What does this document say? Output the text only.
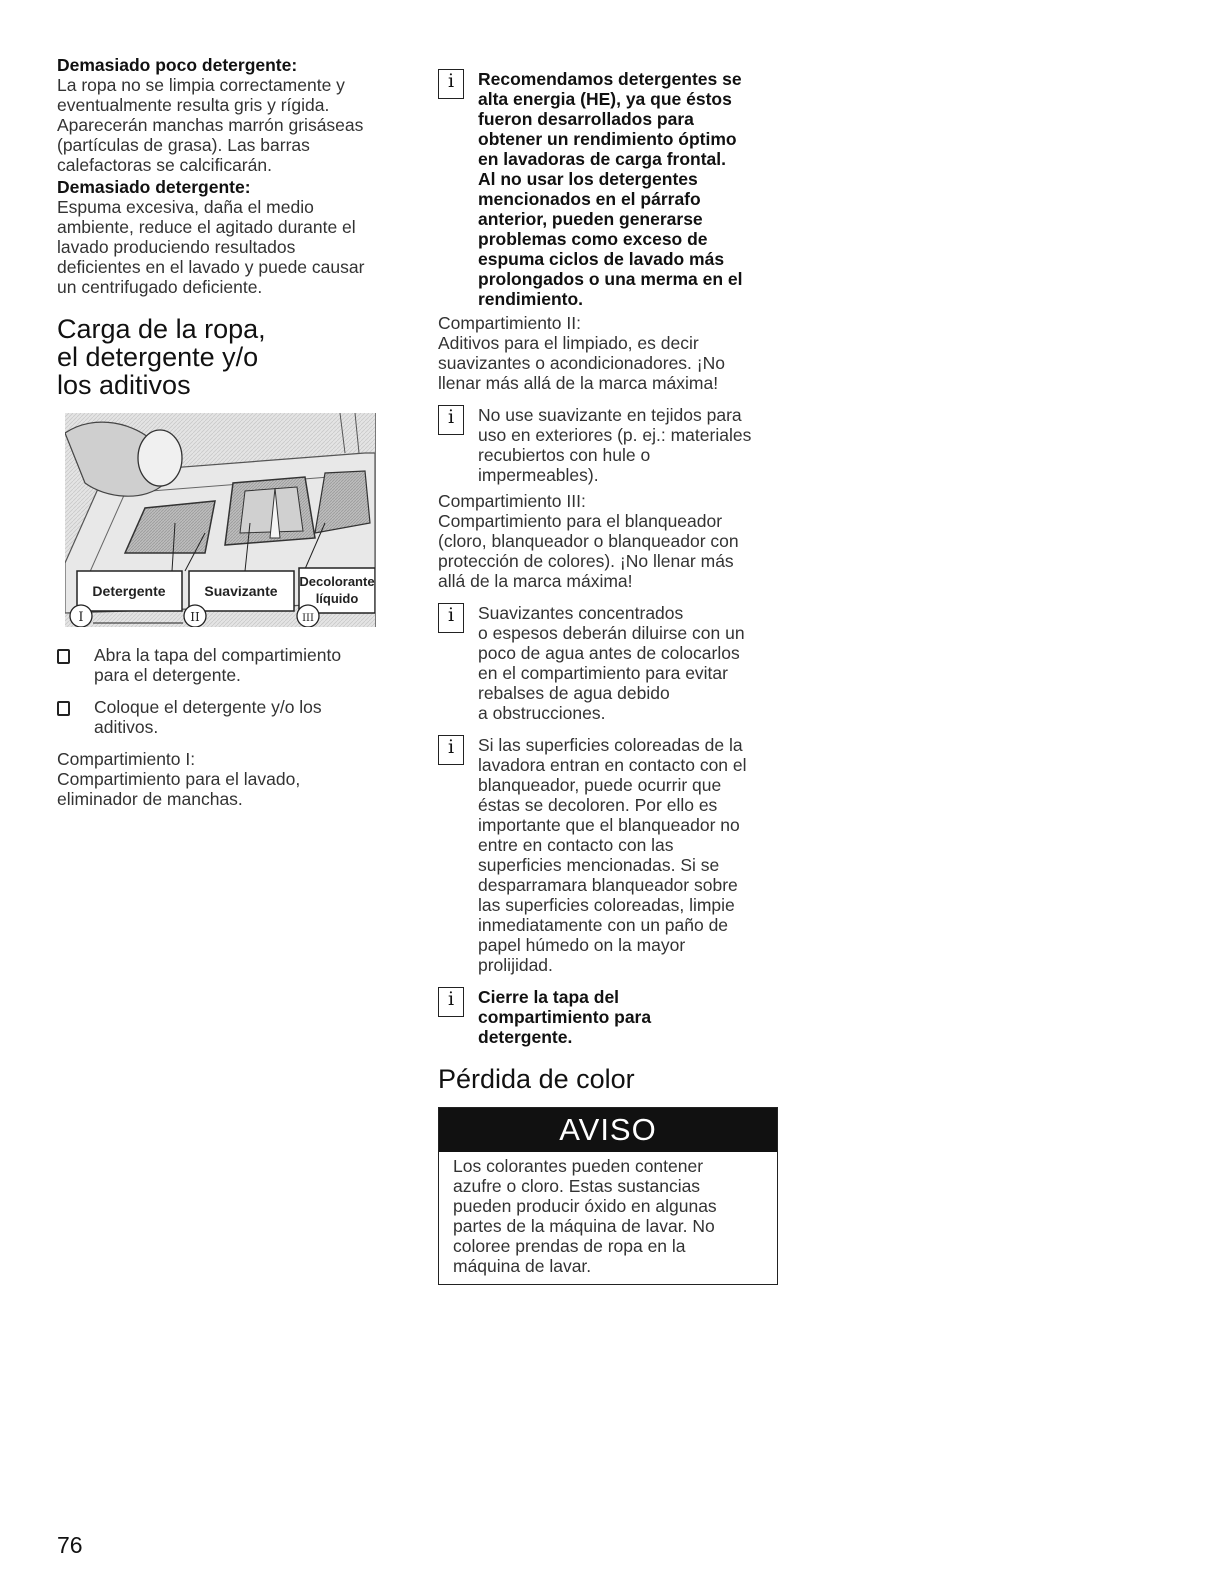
Demasiado poco detergente:

La ropa no se limpia correctamente y

eventualmente resulta gris y rígida.

Aparecerán manchas marrón grisáseas

(partículas de grasa). Las barras

calefactoras se calcificarán.

Demasiado detergente:

Espuma excesiva, daña el medio

ambiente, reduce el agitado durante el

lavado produciendo resultados

deficientes en el lavado y puede causar

un centrifugado deficiente.

Carga de la ropa,
el detergente y/o
los aditivos
Detergente	Suavizante
Decolorante
líquido
I	II	III

Abra la tapa del compartimiento

para el detergente.

Coloque el detergente y/o los

aditivos.

Compartimiento I:

Compartimiento para el lavado,

eliminador de manchas.

i

Recomendamos detergentes se

alta energia (HE), ya que éstos

fueron desarrollados para

obtener un rendimiento óptimo

en lavadoras de carga frontal.

Al no usar los detergentes

mencionados en el párrafo

anterior, pueden generarse

problemas como exceso de

espuma ciclos de lavado más

prolongados o una merma en el

rendimiento.

Compartimiento II:

Aditivos para el limpiado, es decir

suavizantes o acondicionadores. ¡No

llenar más allá de la marca máxima!

i

No use suavizante en tejidos para

uso en exteriores (p. ej.: materiales

recubiertos con hule o

impermeables).

Compartimiento III:

Compartimiento para el blanqueador

(cloro, blanqueador o blanqueador con

protección de colores). ¡No llenar más

allá de la marca máxima!

i

Suavizantes concentrados

o espesos deberán diluirse con un

poco de agua antes de colocarlos

en el compartimiento para evitar

rebalses de agua debido

a obstrucciones.

i

Si las superficies coloreadas de la

lavadora entran en contacto con el

blanqueador, puede ocurrir que

éstas se decoloren. Por ello es

importante que el blanqueador no

entre en contacto con las

superficies mencionadas. Si se

desparramara blanqueador sobre

las superficies coloreadas, limpie

inmediatamente con un paño de

papel húmedo on la mayor

prolijidad.

i

Cierre la tapa del

compartimiento para

detergente.

Pérdida de color
AVISO

Los colorantes pueden contener

azufre o cloro. Estas sustancias

pueden producir óxido en algunas

partes de la máquina de lavar. No

coloree prendas de ropa en la

máquina de lavar.

76
